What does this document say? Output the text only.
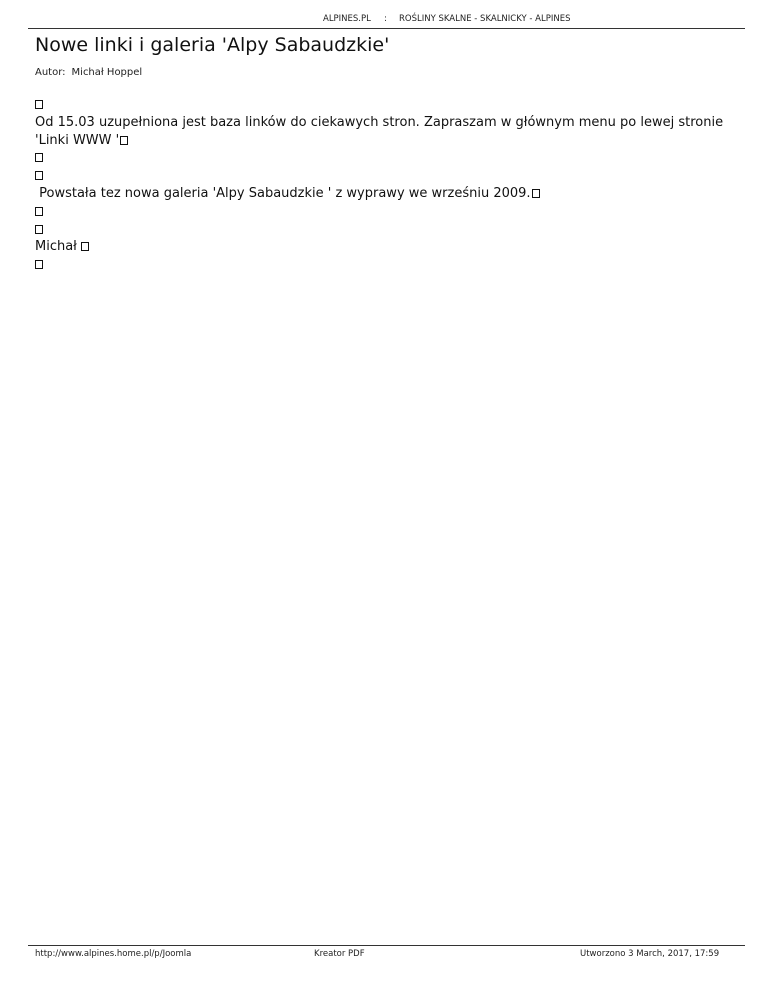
ALPINES.PL : ROŚLINY SKALNE - SKALNICKY - ALPINES
Nowe linki i galeria 'Alpy Sabaudzkie'
Autor: Michał Hoppel
Od 15.03 uzupełniona jest baza linków do ciekawych stron. Zapraszam w głównym menu po lewej stronie
'Linki WWW '
Powstała tez nowa galeria 'Alpy Sabaudzkie ' z wyprawy we wrześniu 2009.
Michał
http://www.alpines.home.pl/p/Joomla	Kreator PDF	Utworzono 3 March, 2017, 17:59
